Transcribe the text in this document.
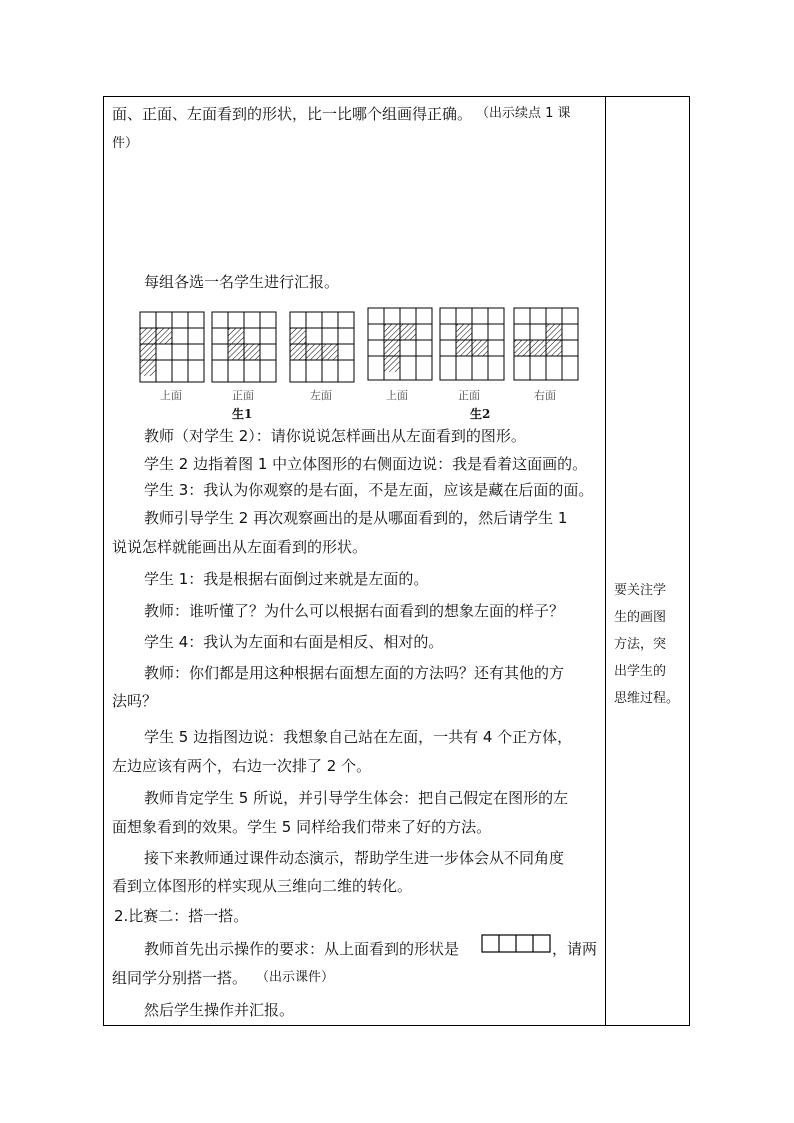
面、正面、左面看到的形状，比一比哪个组画得正确。 （出示续点 1 课
件）
每组各选一名学生进行汇报。
上面	正面	左面	上面	正面	右面
生1	生2
教师（对学生 2）：请你说说怎样画出从左面看到的图形。
学生 2 边指着图 1 中立体图形的右侧面边说：我是看着这面画的。
学生 3：我认为你观察的是右面，不是左面，应该是藏在后面的面。
教师引导学生 2 再次观察画出的是从哪面看到的，然后请学生 1
说说怎样就能画出从左面看到的形状。
学生 1：我是根据右面倒过来就是左面的。
教师：谁听懂了？为什么可以根据右面看到的想象左面的样子？
学生 4：我认为左面和右面是相反、相对的。
教师：你们都是用这种根据右面想左面的方法吗？还有其他的方
法吗？
学生 5 边指图边说：我想象自己站在左面，一共有 4 个正方体，
左边应该有两个，右边一次排了 2 个。
教师肯定学生 5 所说，并引导学生体会：把自己假定在图形的左
面想象看到的效果。学生 5 同样给我们带来了好的方法。
接下来教师通过课件动态演示，帮助学生进一步体会从不同角度
看到立体图形的样实现从三维向二维的转化。
2.比赛二：搭一搭。
教师首先出示操作的要求：从上面看到的形状是	，请两
组同学分别搭一搭。 （出示课件）
然后学生操作并汇报。
要关注学
生的画图
方法，突
出学生的
思维过程。
